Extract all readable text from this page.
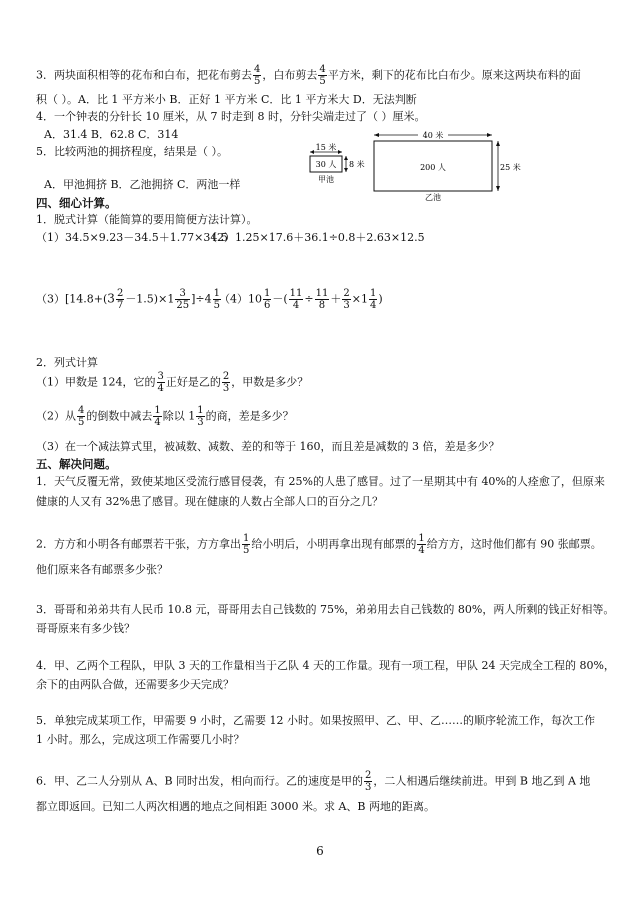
3．两块面积相等的花布和白布，把花布剪去 $\frac{4}{5}$ ，白布剪去 $\frac{4}{5}$ 平方米，剩下的花布比白布少。原来这两块布料的面
积（ ）。A．比 1 平方米小 B．正好 1 平方米 C．比 1 平方米大 D．无法判断
4．一个钟表的分针长 10 厘米，从 7 时走到 8 时，分针尖端走过了（ ）厘米。
A．31.4 B．62.8 C．314
5．比较两池的拥挤程度，结果是（ ）。
A．甲池拥挤 B．乙池拥挤 C．两池一样
40 米
200 人
乙池
25 米
15 米
30 人
甲池
8 米
四、细心计算。
1．脱式计算（能简算的要用简便方法计算）。
（1）34.5×9.23－34.5＋1.77×34.5
（2）1.25×17.6＋36.1÷0.8＋2.63×12.5
$(3)[14.8+(3 \frac{2}{7} -1.5)\times 1 \frac{3}{25} ]\div 4 \frac{1}{5}$
$(4)10 \frac{1}{6}$ －( $\frac{11}{4} \div \frac{11}{8} + \frac{2}{3} \times 1 \frac{1}{4}$ )
2．列式计算
（1）甲数是 124，它的 $\frac{3}{4}$ 正好是乙的 $\frac{2}{3}$ ，甲数是多少？
（2）从 $\frac{4}{5}$ 的倒数中减去 $\frac{1}{4}$ 除以 $1 \frac{1}{3}$ 的商，差是多少？
（3）在一个减法算式里，被减数、减数、差的和等于 160，而且差是减数的 3 倍，差是多少？
五、解决问题。
1．天气反覆无常，致使某地区受流行感冒侵袭，有 25%的人患了感冒。过了一星期其中有 40%的人痊愈了，但原来
健康的人又有 32%患了感冒。现在健康的人数占全部人口的百分之几？
2．方方和小明各有邮票若干张，方方拿出 $\frac{1}{5}$ 给小明后，小明再拿出现有邮票的 $\frac{1}{4}$ 给方方，这时他们都有 90 张邮票。
他们原来各有邮票多少张？
3．哥哥和弟弟共有人民币 10.8 元，哥哥用去自己钱数的 75%，弟弟用去自己钱数的 80%，两人所剩的钱正好相等。
哥哥原来有多少钱？
4．甲、乙两个工程队，甲队 3 天的工作量相当于乙队 4 天的工作量。现有一项工程，甲队 24 天完成全工程的 80%，
余下的由两队合做，还需要多少天完成？
5．单独完成某项工作，甲需要 9 小时，乙需要 12 小时。如果按照甲、乙、甲、乙……的顺序轮流工作，每次工作
1 小时。那么，完成这项工作需要几小时？
6．甲、乙二人分别从 A、B 同时出发，相向而行。乙的速度是甲的 $\frac{2}{3}$ ，二人相遇后继续前进。甲到 B 地乙到 A 地
都立即返回。已知二人两次相遇的地点之间相距 3000 米。求 A、B 两地的距离。
6
